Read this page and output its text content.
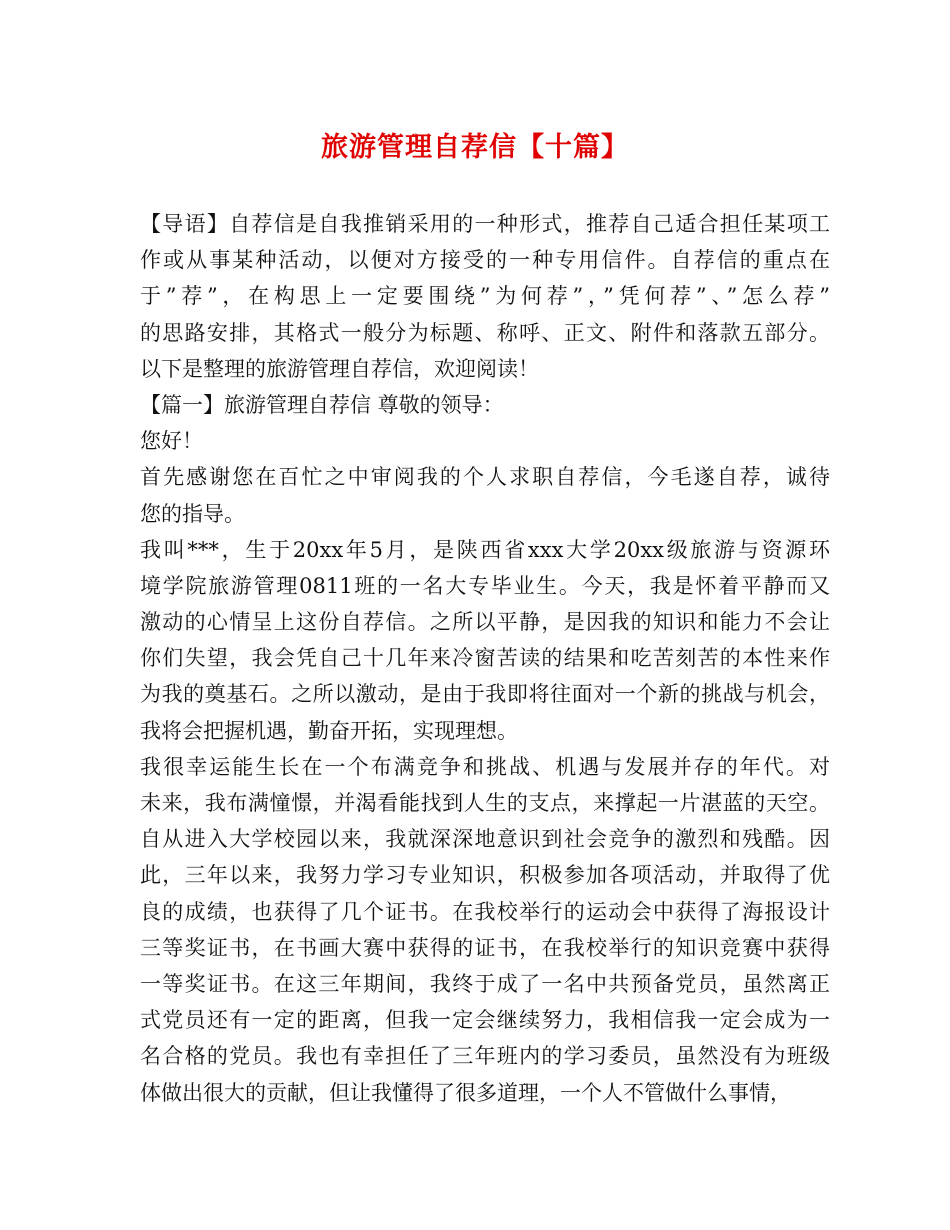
旅游管理自荐信【十篇】
【导语】自荐信是自我推销采用的一种形式，推荐自己适合担任某项工
作或从事某种活动，以便对方接受的一种专用信件。自荐信的重点在
于”荐”，在构思上一定要围绕”为何荐”，”凭何荐”、”怎么荐”
的思路安排，其格式一般分为标题、称呼、正文、附件和落款五部分。
以下是整理的旅游管理自荐信，欢迎阅读！
【篇一】旅游管理自荐信 尊敬的领导：
您好！
首先感谢您在百忙之中审阅我的个人求职自荐信，今毛遂自荐，诚待
您的指导。
我叫***，生于20xx年5月，是陕西省xxx大学20xx级旅游与资源环
境学院旅游管理0811班的一名大专毕业生。今天，我是怀着平静而又
激动的心情呈上这份自荐信。之所以平静，是因我的知识和能力不会让
你们失望，我会凭自己十几年来冷窗苦读的结果和吃苦刻苦的本性来作
为我的奠基石。之所以激动，是由于我即将往面对一个新的挑战与机会，
我将会把握机遇，勤奋开拓，实现理想。
我很幸运能生长在一个布满竞争和挑战、机遇与发展并存的年代。对
未来，我布满憧憬，并渴看能找到人生的支点，来撑起一片湛蓝的天空。
自从进入大学校园以来，我就深深地意识到社会竞争的激烈和残酷。因
此，三年以来，我努力学习专业知识，积极参加各项活动，并取得了优
良的成绩，也获得了几个证书。在我校举行的运动会中获得了海报设计
三等奖证书，在书画大赛中获得的证书，在我校举行的知识竞赛中获得
一等奖证书。在这三年期间，我终于成了一名中共预备党员，虽然离正
式党员还有一定的距离，但我一定会继续努力，我相信我一定会成为一
名合格的党员。我也有幸担任了三年班内的学习委员，虽然没有为班级
体做出很大的贡献，但让我懂得了很多道理，一个人不管做什么事情，
